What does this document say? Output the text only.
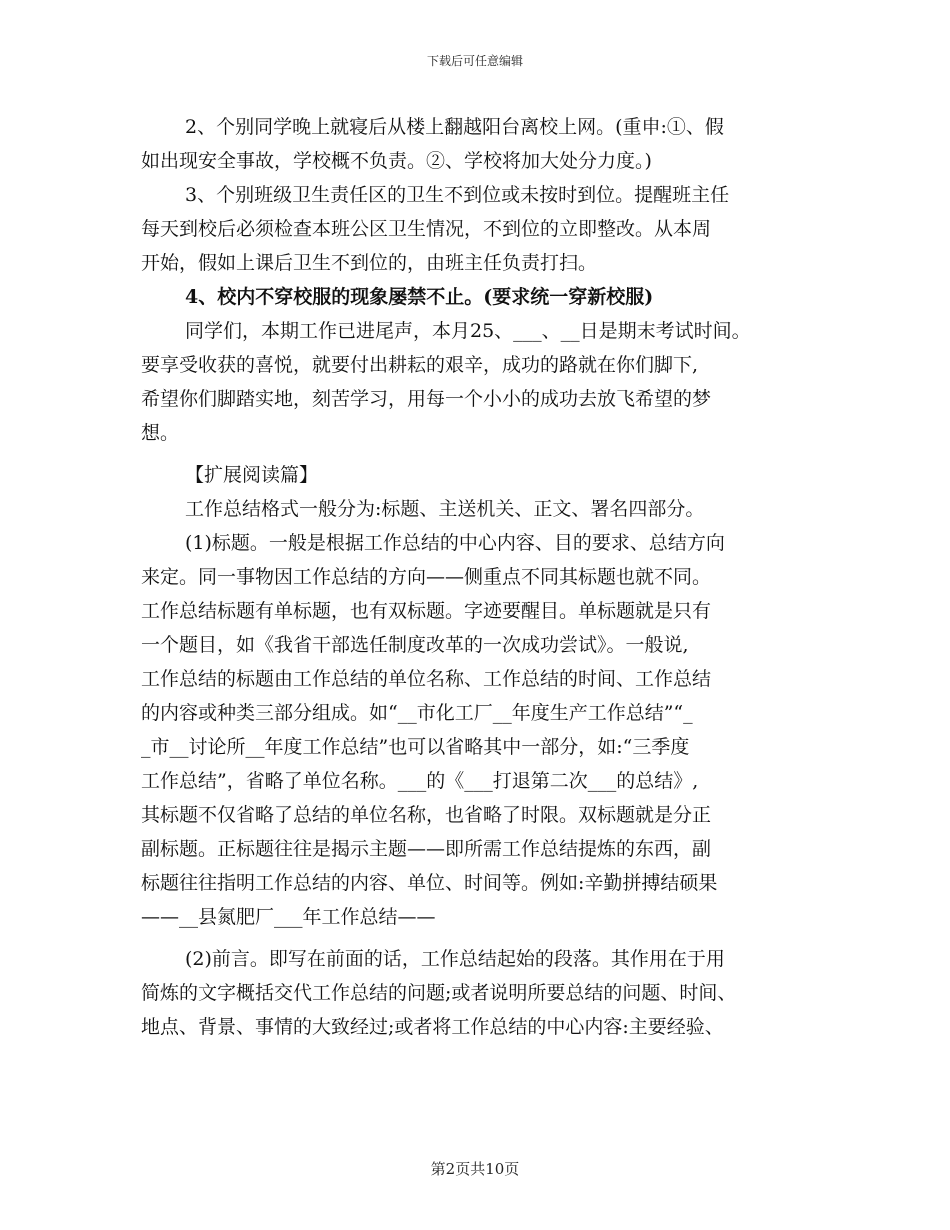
下载后可任意编辑
2、个别同学晚上就寝后从楼上翻越阳台离校上网。(重申:①、假
如出现安全事故，学校概不负责。②、学校将加大处分力度。)
3、个别班级卫生责任区的卫生不到位或未按时到位。提醒班主任
每天到校后必须检查本班公区卫生情况，不到位的立即整改。从本周
开始，假如上课后卫生不到位的，由班主任负责打扫。
4、校内不穿校服的现象屡禁不止。(要求统一穿新校服)
同学们，本期工作已进尾声，本月25、___、__日是期末考试时间。
要享受收获的喜悦，就要付出耕耘的艰辛，成功的路就在你们脚下,
希望你们脚踏实地，刻苦学习，用每一个小小的成功去放飞希望的梦
想。
【扩展阅读篇】
工作总结格式一般分为:标题、主送机关、正文、署名四部分。
(1)标题。一般是根据工作总结的中心内容、目的要求、总结方向
来定。同一事物因工作总结的方向——侧重点不同其标题也就不同。
工作总结标题有单标题，也有双标题。字迹要醒目。单标题就是只有
一个题目，如《我省干部选任制度改革的一次成功尝试》。一般说,
工作总结的标题由工作总结的单位名称、工作总结的时间、工作总结
的内容或种类三部分组成。如“__市化工厂__年度生产工作总结”“_
_市__讨论所__年度工作总结”也可以省略其中一部分，如:“三季度
工作总结”，省略了单位名称。___的《___打退第二次___的总结》,
其标题不仅省略了总结的单位名称，也省略了时限。双标题就是分正
副标题。正标题往往是揭示主题——即所需工作总结提炼的东西，副
标题往往指明工作总结的内容、单位、时间等。例如:辛勤拼搏结硕果
——__县氮肥厂___年工作总结——
(2)前言。即写在前面的话，工作总结起始的段落。其作用在于用
简炼的文字概括交代工作总结的问题;或者说明所要总结的问题、时间、
地点、背景、事情的大致经过;或者将工作总结的中心内容:主要经验、
第2页共10页
